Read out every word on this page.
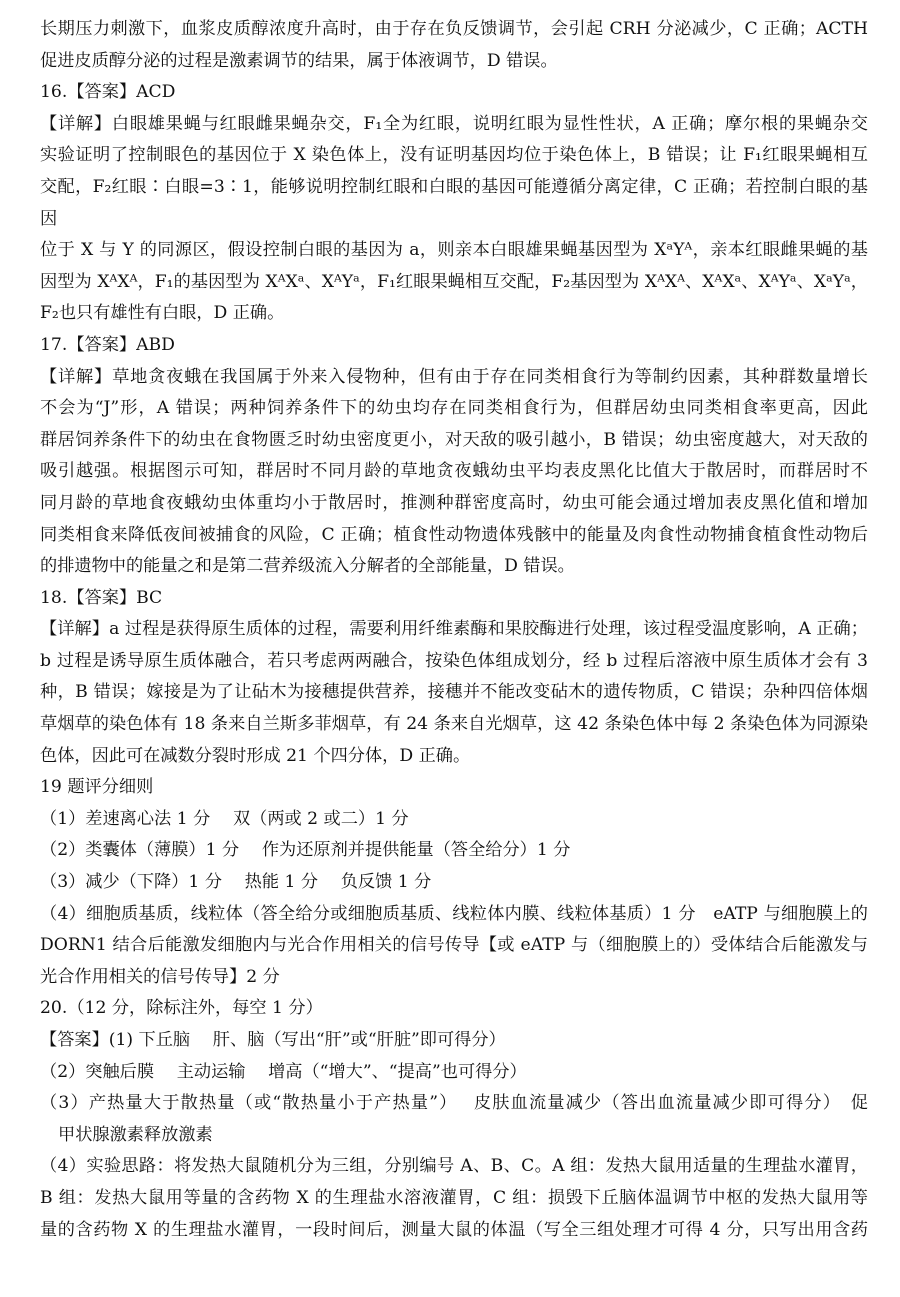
长期压力刺激下，血浆皮质醇浓度升高时，由于存在负反馈调节，会引起 CRH 分泌减少，C 正确；ACTH

促进皮质醇分泌的过程是激素调节的结果，属于体液调节，D 错误。

16.【答案】ACD

【详解】白眼雄果蝇与红眼雌果蝇杂交，F₁全为红眼，说明红眼为显性性状，A 正确；摩尔根的果蝇杂交

实验证明了控制眼色的基因位于 X 染色体上，没有证明基因均位于染色体上，B 错误；让 F₁红眼果蝇相互

交配，F₂红眼∶白眼=3∶1，能够说明控制红眼和白眼的基因可能遵循分离定律，C 正确；若控制白眼的基因

位于 X 与 Y 的同源区，假设控制白眼的基因为 a，则亲本白眼雄果蝇基因型为 XᵃYᴬ，亲本红眼雌果蝇的基

因型为 XᴬXᴬ，F₁的基因型为 XᴬXᵃ、XᴬYᵃ，F₁红眼果蝇相互交配，F₂基因型为 XᴬXᴬ、XᴬXᵃ、XᴬYᵃ、XᵃYᵃ，

F₂也只有雄性有白眼，D 正确。

17.【答案】ABD

【详解】草地贪夜蛾在我国属于外来入侵物种，但有由于存在同类相食行为等制约因素，其种群数量增长

不会为“J”形，A 错误；两种饲养条件下的幼虫均存在同类相食行为，但群居幼虫同类相食率更高，因此

群居饲养条件下的幼虫在食物匮乏时幼虫密度更小，对天敌的吸引越小，B 错误；幼虫密度越大，对天敌的

吸引越强。根据图示可知，群居时不同月龄的草地贪夜蛾幼虫平均表皮黑化比值大于散居时，而群居时不

同月龄的草地食夜蛾幼虫体重均小于散居时，推测种群密度高时，幼虫可能会通过增加表皮黑化值和增加

同类相食来降低夜间被捕食的风险，C 正确；植食性动物遗体残骸中的能量及肉食性动物捕食植食性动物后

的排遗物中的能量之和是第二营养级流入分解者的全部能量，D 错误。

18.【答案】BC

【详解】a 过程是获得原生质体的过程，需要利用纤维素酶和果胶酶进行处理，该过程受温度影响，A 正确；

b 过程是诱导原生质体融合，若只考虑两两融合，按染色体组成划分，经 b 过程后溶液中原生质体才会有 3

种，B 错误；嫁接是为了让砧木为接穗提供营养，接穗并不能改变砧木的遗传物质，C 错误；杂种四倍体烟

草烟草的染色体有 18 条来自兰斯多菲烟草，有 24 条来自光烟草，这 42 条染色体中每 2 条染色体为同源染

色体，因此可在减数分裂时形成 21 个四分体，D 正确。

19 题评分细则

（1）差速离心法 1 分　 双（两或 2 或二）1 分

（2）类囊体（薄膜）1 分　 作为还原剂并提供能量（答全给分）1 分

（3）减少（下降）1 分　 热能 1 分　 负反馈 1 分

（4）细胞质基质，线粒体（答全给分或细胞质基质、线粒体内膜、线粒体基质）1 分　eATP 与细胞膜上的

DORN1 结合后能激发细胞内与光合作用相关的信号传导【或 eATP 与（细胞膜上的）受体结合后能激发与

光合作用相关的信号传导】2 分

20.（12 分，除标注外，每空 1 分）

【答案】(1) 下丘脑　 肝、脑（写出“肝”或“肝脏”即可得分）

（2）突触后膜　 主动运输　 增高（“增大”、“提高”也可得分）

（3）产热量大于散热量（或“散热量小于产热量”）　 皮肤血流量减少（答出血流量减少即可得分）　促

甲状腺激素释放激素

（4）实验思路：将发热大鼠随机分为三组，分别编号 A、B、C。A 组：发热大鼠用适量的生理盐水灌胃，

B 组：发热大鼠用等量的含药物 X 的生理盐水溶液灌胃，C 组：损毁下丘脑体温调节中枢的发热大鼠用等

量的含药物 X 的生理盐水灌胃，一段时间后，测量大鼠的体温（写全三组处理才可得 4 分，只写出用含药
